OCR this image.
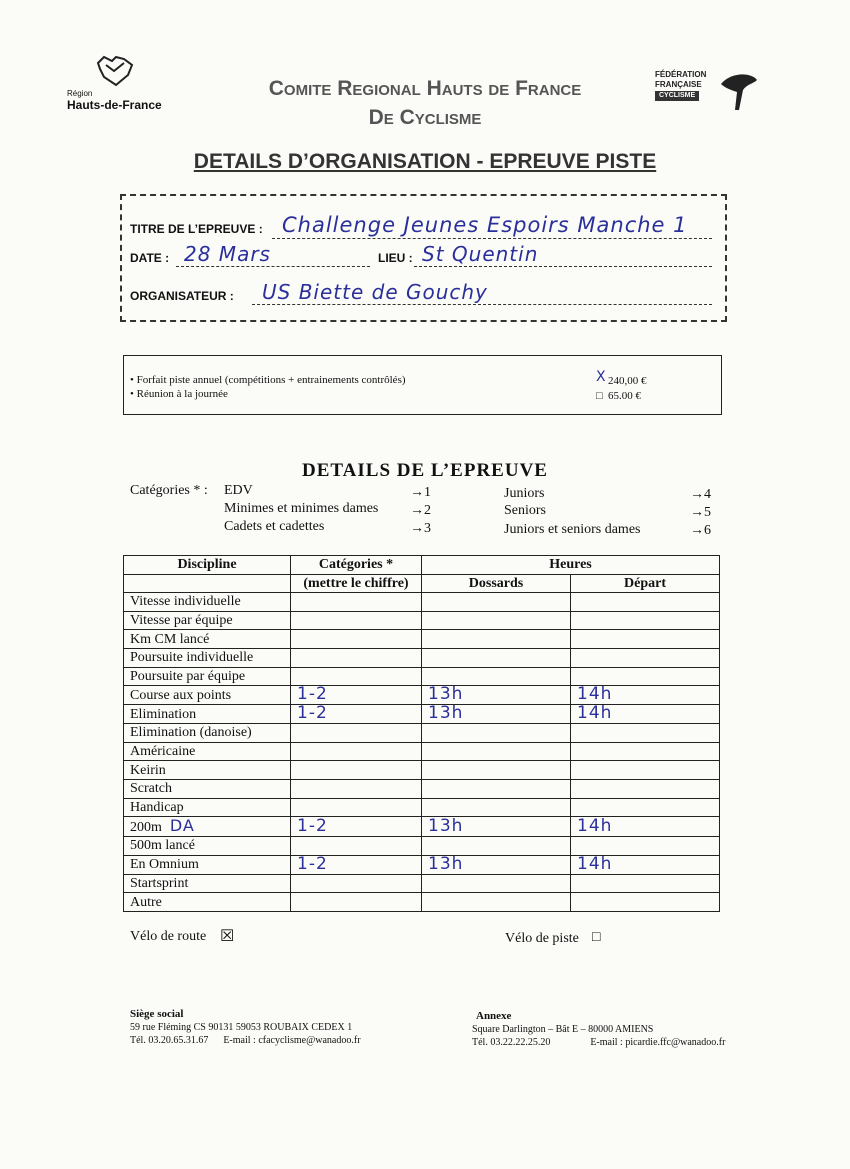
Région
Hauts-de-France
Comite Regional Hauts de France
De Cyclisme
FÉDÉRATION
FRANÇAISE
CYCLISME
DETAILS D’ORGANISATION - EPREUVE PISTE
TITRE DE L’EPREUVE : Challenge Jeunes Espoirs Manche 1
DATE : 28 Mars	LIEU : St Quentin
ORGANISATEUR : US Biette de Gouchy
• Forfait piste annuel (compétitions + entrainements contrôlés)
• Réunion à la journée
X 240,00 €
□ 65.00 €
DETAILS DE L’EPREUVE
Catégories * : EDV	→1
Minimes et minimes dames →2
Cadets et cadettes	→3
Juniors	→4
Seniors	→5
Juniors et seniors dames	→6
Discipline	Catégories *	Heures	
	(mettre le chiffre)	Dossards	Départ
Vitesse individuelle			
Vitesse par équipe			
Km CM lancé			
Poursuite individuelle			
Poursuite par équipe			
Course aux points	1-2	13h	14h
Elimination	1-2	13h	14h
Elimination (danoise)			
Américaine			
Keirin			
Scratch			
Handicap			
200m DA	1-2	13h	14h
500m lancé			
En Omnium	1-2	13h	14h
Startsprint			
Autre			
Vélo de route ☒	Vélo de piste □
Siège social
59 rue Fléming CS 90131 59053 ROUBAIX CEDEX 1
Tél. 03.20.65.31.67 E-mail : cfacyclisme@wanadoo.fr
Annexe
Square Darlington – Bât E – 80000 AMIENS
Tél. 03.22.22.25.20	E-mail : picardie.ffc@wanadoo.fr
